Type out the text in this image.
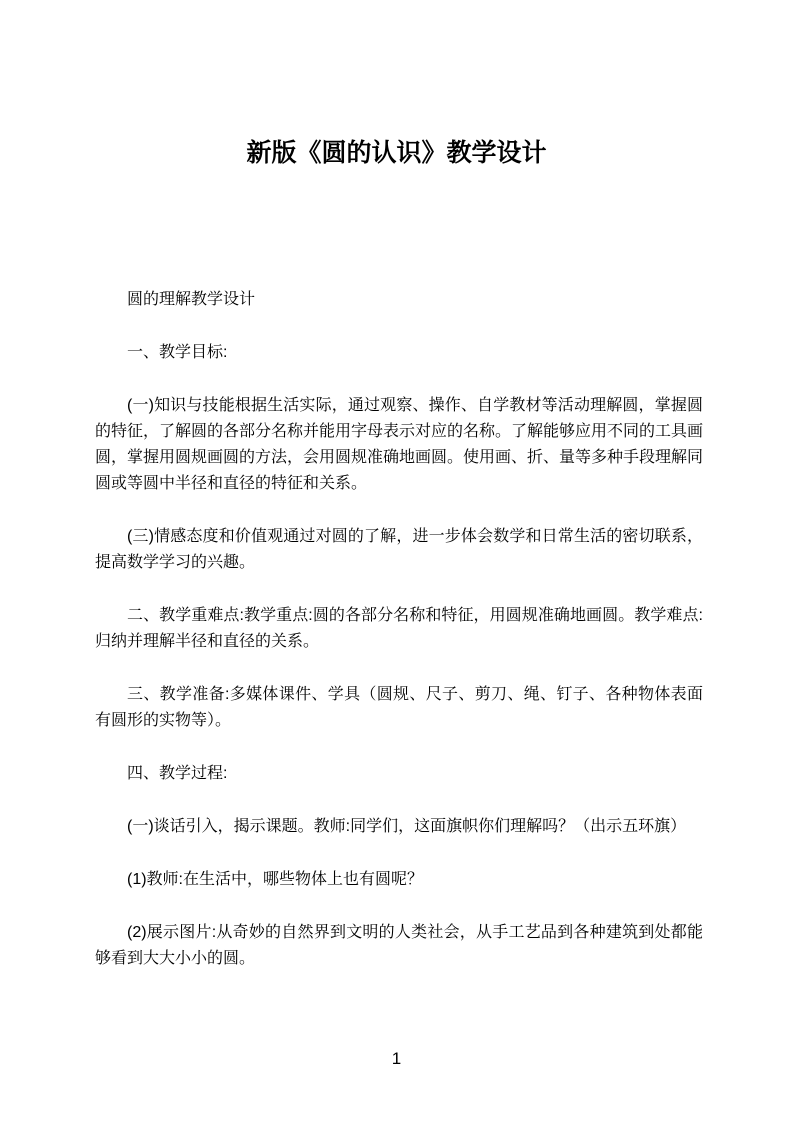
新版《圆的认识》教学设计

圆的理解教学设计

一、教学目标:

(一)知识与技能根据生活实际，通过观察、操作、自学教材等活动理解圆，掌握圆的特征，了解圆的各部分名称并能用字母表示对应的名称。了解能够应用不同的工具画圆，掌握用圆规画圆的方法，会用圆规准确地画圆。使用画、折、量等多种手段理解同圆或等圆中半径和直径的特征和关系。

(三)情感态度和价值观通过对圆的了解，进一步体会数学和日常生活的密切联系，提高数学学习的兴趣。

二、教学重难点:教学重点:圆的各部分名称和特征，用圆规准确地画圆。教学难点:归纳并理解半径和直径的关系。

三、教学准备:多媒体课件、学具（圆规、尺子、剪刀、绳、钉子、各种物体表面有圆形的实物等）。

四、教学过程:

(一)谈话引入，揭示课题。教师:同学们，这面旗帜你们理解吗？（出示五环旗）

(1)教师:在生活中，哪些物体上也有圆呢？

(2)展示图片:从奇妙的自然界到文明的人类社会，从手工艺品到各种建筑到处都能够看到大大小小的圆。

1
